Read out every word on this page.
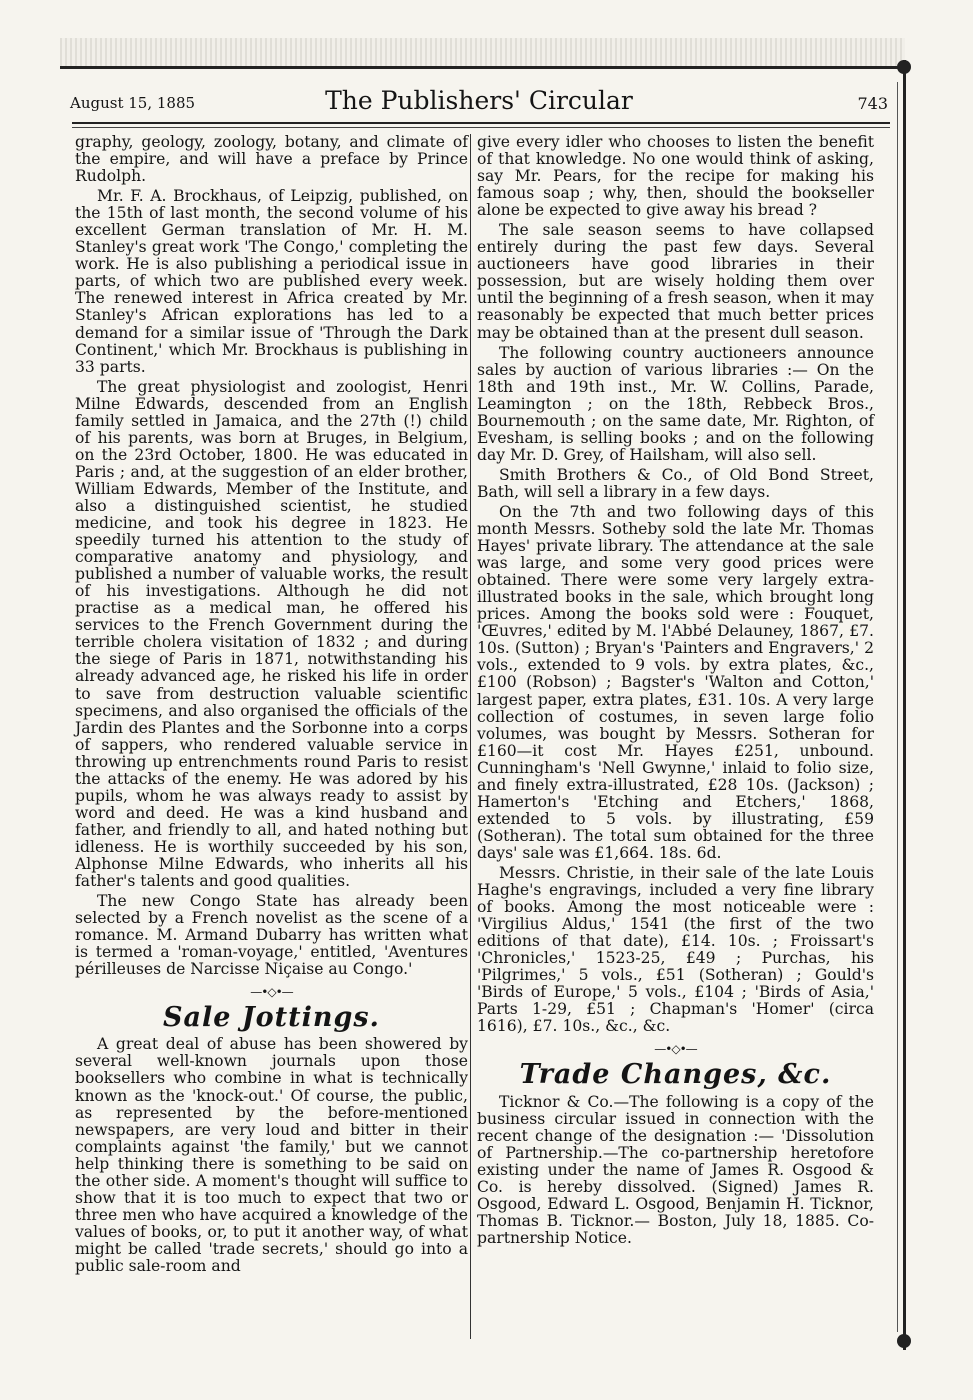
August 15, 1885	The Publishers' Circular	743

graphy, geology, zoology, botany, and climate of the empire, and will have a preface by Prince Rudolph.

Mr. F. A. Brockhaus, of Leipzig, published, on the 15th of last month, the second volume of his excellent German translation of Mr. H. M. Stanley's great work 'The Congo,' completing the work. He is also publishing a periodical issue in parts, of which two are published every week. The renewed interest in Africa created by Mr. Stanley's African explorations has led to a demand for a similar issue of 'Through the Dark Continent,' which Mr. Brockhaus is publishing in 33 parts.

The great physiologist and zoologist, Henri Milne Edwards, descended from an English family settled in Jamaica, and the 27th (!) child of his parents, was born at Bruges, in Belgium, on the 23rd October, 1800. He was educated in Paris ; and, at the suggestion of an elder brother, William Edwards, Member of the Institute, and also a distinguished scientist, he studied medicine, and took his degree in 1823. He speedily turned his attention to the study of comparative anatomy and physiology, and published a number of valuable works, the result of his investigations. Although he did not practise as a medical man, he offered his services to the French Government during the terrible cholera visitation of 1832 ; and during the siege of Paris in 1871, notwithstanding his already advanced age, he risked his life in order to save from destruction valuable scientific specimens, and also organised the officials of the Jardin des Plantes and the Sorbonne into a corps of sappers, who rendered valuable service in throwing up entrenchments round Paris to resist the attacks of the enemy. He was adored by his pupils, whom he was always ready to assist by word and deed. He was a kind husband and father, and friendly to all, and hated nothing but idleness. He is worthily succeeded by his son, Alphonse Milne Edwards, who inherits all his father's talents and good qualities.

The new Congo State has already been selected by a French novelist as the scene of a romance. M. Armand Dubarry has written what is termed a 'roman-voyage,' entitled, 'Aventures périlleuses de Narcisse Niçaise au Congo.'

—•◇•—
Sale Jottings.

A great deal of abuse has been showered by several well-known journals upon those booksellers who combine in what is technically known as the 'knock-out.' Of course, the public, as represented by the before-mentioned newspapers, are very loud and bitter in their complaints against 'the family,' but we cannot help thinking there is something to be said on the other side. A moment's thought will suffice to show that it is too much to expect that two or three men who have acquired a knowledge of the values of books, or, to put it another way, of what might be called 'trade secrets,' should go into a public sale-room and

give every idler who chooses to listen the benefit of that knowledge. No one would think of asking, say Mr. Pears, for the recipe for making his famous soap ; why, then, should the bookseller alone be expected to give away his bread ?

The sale season seems to have collapsed entirely during the past few days. Several auctioneers have good libraries in their possession, but are wisely holding them over until the beginning of a fresh season, when it may reasonably be expected that much better prices may be obtained than at the present dull season.

The following country auctioneers announce sales by auction of various libraries :— On the 18th and 19th inst., Mr. W. Collins, Parade, Leamington ; on the 18th, Rebbeck Bros., Bournemouth ; on the same date, Mr. Righton, of Evesham, is selling books ; and on the following day Mr. D. Grey, of Hailsham, will also sell.

Smith Brothers & Co., of Old Bond Street, Bath, will sell a library in a few days.

On the 7th and two following days of this month Messrs. Sotheby sold the late Mr. Thomas Hayes' private library. The attendance at the sale was large, and some very good prices were obtained. There were some very largely extra-illustrated books in the sale, which brought long prices. Among the books sold were : Fouquet, 'Œuvres,' edited by M. l'Abbé Delauney, 1867, £7. 10s. (Sutton) ; Bryan's 'Painters and Engravers,' 2 vols., extended to 9 vols. by extra plates, &c., £100 (Robson) ; Bagster's 'Walton and Cotton,' largest paper, extra plates, £31. 10s. A very large collection of costumes, in seven large folio volumes, was bought by Messrs. Sotheran for £160—it cost Mr. Hayes £251, unbound. Cunningham's 'Nell Gwynne,' inlaid to folio size, and finely extra-illustrated, £28 10s. (Jackson) ; Hamerton's 'Etching and Etchers,' 1868, extended to 5 vols. by illustrating, £59 (Sotheran). The total sum obtained for the three days' sale was £1,664. 18s. 6d.

Messrs. Christie, in their sale of the late Louis Haghe's engravings, included a very fine library of books. Among the most noticeable were : 'Virgilius Aldus,' 1541 (the first of the two editions of that date), £14. 10s. ; Froissart's 'Chronicles,' 1523-25, £49 ; Purchas, his 'Pilgrimes,' 5 vols., £51 (Sotheran) ; Gould's 'Birds of Europe,' 5 vols., £104 ; 'Birds of Asia,' Parts 1-29, £51 ; Chapman's 'Homer' (circa 1616), £7. 10s., &c., &c.

—•◇•—
Trade Changes, &c.

Ticknor & Co.—The following is a copy of the business circular issued in connection with the recent change of the designation :— 'Dissolution of Partnership.—The co-partnership heretofore existing under the name of James R. Osgood & Co. is hereby dissolved. (Signed) James R. Osgood, Edward L. Osgood, Benjamin H. Ticknor, Thomas B. Ticknor.— Boston, July 18, 1885. Co-partnership Notice.
